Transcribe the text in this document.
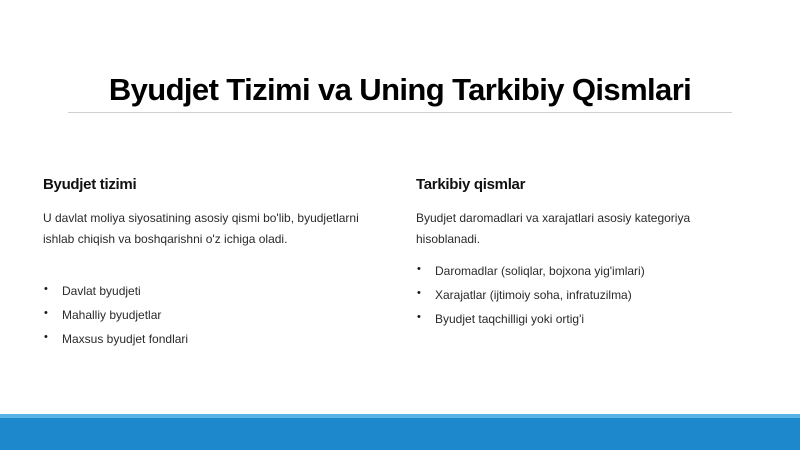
Byudjet Tizimi va Uning Tarkibiy Qismlari
Byudjet tizimi

U davlat moliya siyosatining asosiy qismi bo'lib, byudjetlarni ishlab chiqish va boshqarishni o'z ichiga oladi.

• Davlat byudjeti
• Mahalliy byudjetlar
• Maxsus byudjet fondlari
Tarkibiy qismlar

Byudjet daromadlari va xarajatlari asosiy kategoriya hisoblanadi.

• Daromadlar (soliqlar, bojxona yig'imlari)
• Xarajatlar (ijtimoiy soha, infratuzilma)
• Byudjet taqchilligi yoki ortig'i
